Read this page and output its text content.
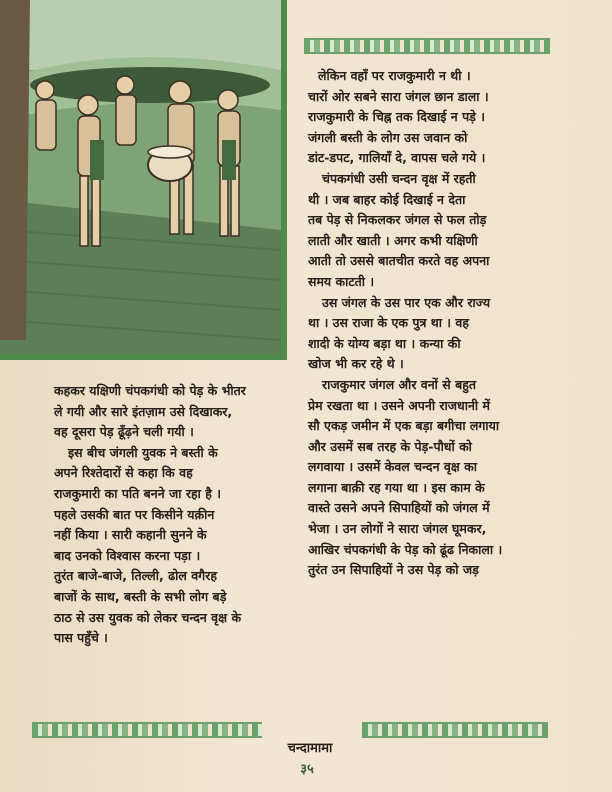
लेकिन वहाँ पर राजकुमारी न थी ।

चारों ओर सबने सारा जंगल छान डाला ।

राजकुमारी के चिह्न तक दिखाई न पड़े ।

जंगली बस्ती के लोग उस जवान को

डांट-डपट, गालियाँ दे, वापस चले गये ।

चंपकगंधी उसी चन्दन वृक्ष में रहती

थी । जब बाहर कोई दिखाई न देता

तब पेड़ से निकलकर जंगल से फल तोड़

लाती और खाती । अगर कभी यक्षिणी

आती तो उससे बातचीत करते वह अपना

समय काटती ।

उस जंगल के उस पार एक और राज्य

था । उस राजा के एक पुत्र था । वह

शादी के योग्य बड़ा था । कन्या की

खोज भी कर रहे थे ।

राजकुमार जंगल और वनों से बहुत

प्रेम रखता था । उसने अपनी राजधानी में

सौ एकड़ जमीन में एक बड़ा बगीचा लगाया

और उसमें सब तरह के पेड़-पौधों को

लगवाया । उसमें केवल चन्दन वृक्ष का

लगाना बाक़ी रह गया था । इस काम के

वास्ते उसने अपने सिपाहियों को जंगल में

भेजा । उन लोगों ने सारा जंगल घूमकर,

आखिर चंपकगंधी के पेड़ को ढूंढ निकाला ।

तुरंत उन सिपाहियों ने उस पेड़ को जड़

कहकर यक्षिणी चंपकगंधी को पेड़ के भीतर

ले गयी और सारे इंतज़ाम उसे दिखाकर,

वह दूसरा पेड़ ढूँढ़ने चली गयी ।

इस बीच जंगली युवक ने बस्ती के

अपने रिश्तेदारों से कहा कि वह

राजकुमारी का पति बनने जा रहा है ।

पहले उसकी बात पर किसीने यक़ीन

नहीं किया । सारी कहानी सुनने के

बाद उनको विश्वास करना पड़ा ।

तुरंत बाजे-बाजे, तिल्ली, ढोल वगैरह

बाजों के साथ, बस्ती के सभी लोग बड़े

ठाठ से उस युवक को लेकर चन्दन वृक्ष के

पास पहुँचे ।

चन्दामामा
३५
